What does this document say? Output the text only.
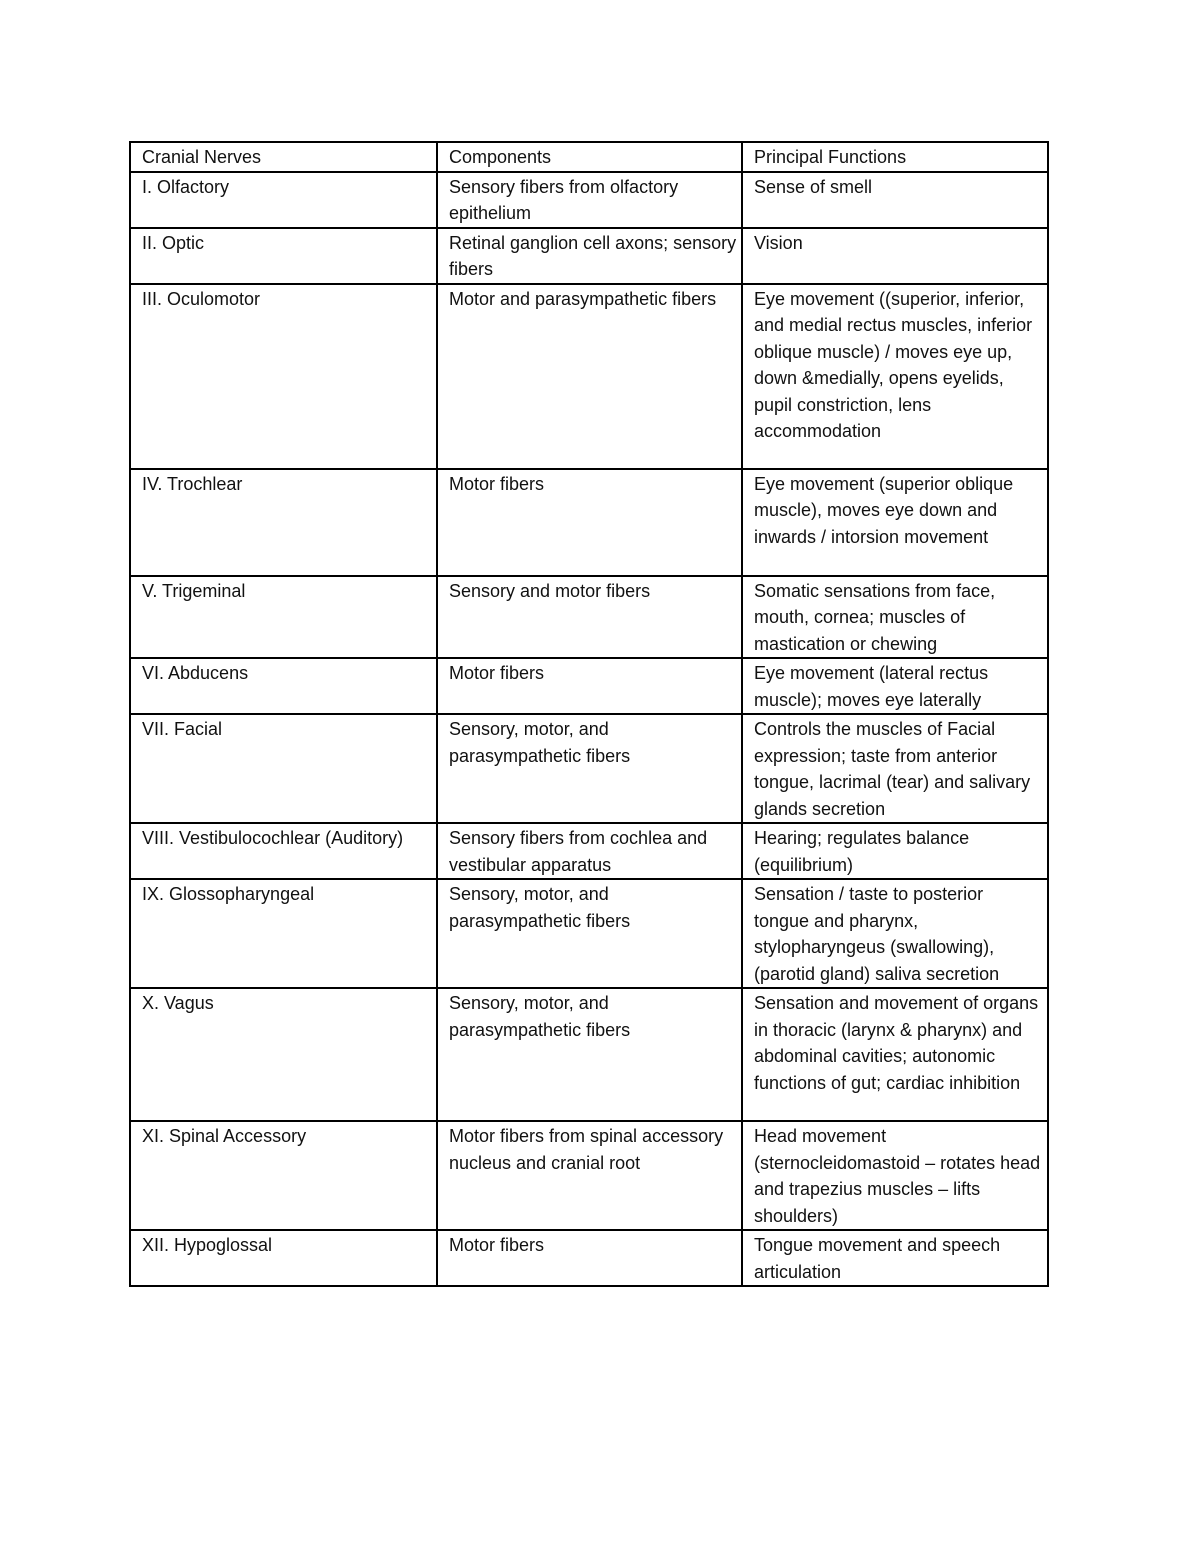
Cranial Nerves	Components	Principal Functions
I. Olfactory	Sensory fibers from olfactory epithelium	Sense of smell
II. Optic	Retinal ganglion cell axons; sensory fibers	Vision
III. Oculomotor	Motor and parasympathetic fibers	Eye movement ((superior, inferior, and medial rectus muscles, inferior oblique muscle) / moves eye up, down &medially, opens eyelids, pupil constriction, lens accommodation
IV. Trochlear	Motor fibers	Eye movement (superior oblique muscle), moves eye down and inwards / intorsion movement
V. Trigeminal	Sensory and motor fibers	Somatic sensations from face, mouth, cornea; muscles of mastication or chewing
VI. Abducens	Motor fibers	Eye movement (lateral rectus muscle); moves eye laterally
VII. Facial	Sensory, motor, and parasympathetic fibers	Controls the muscles of Facial expression; taste from anterior tongue, lacrimal (tear) and salivary glands secretion
VIII. Vestibulocochlear (Auditory)	Sensory fibers from cochlea and vestibular apparatus	Hearing; regulates balance (equilibrium)
IX. Glossopharyngeal	Sensory, motor, and parasympathetic fibers	Sensation / taste to posterior tongue and pharynx, stylopharyngeus (swallowing), (parotid gland) saliva secretion
X. Vagus	Sensory, motor, and parasympathetic fibers	Sensation and movement of organs in thoracic (larynx & pharynx) and abdominal cavities; autonomic functions of gut; cardiac inhibition
XI. Spinal Accessory	Motor fibers from spinal accessory nucleus and cranial root	Head movement (sternocleidomastoid – rotates head and trapezius muscles – lifts shoulders)
XII. Hypoglossal	Motor fibers	Tongue movement and speech articulation
